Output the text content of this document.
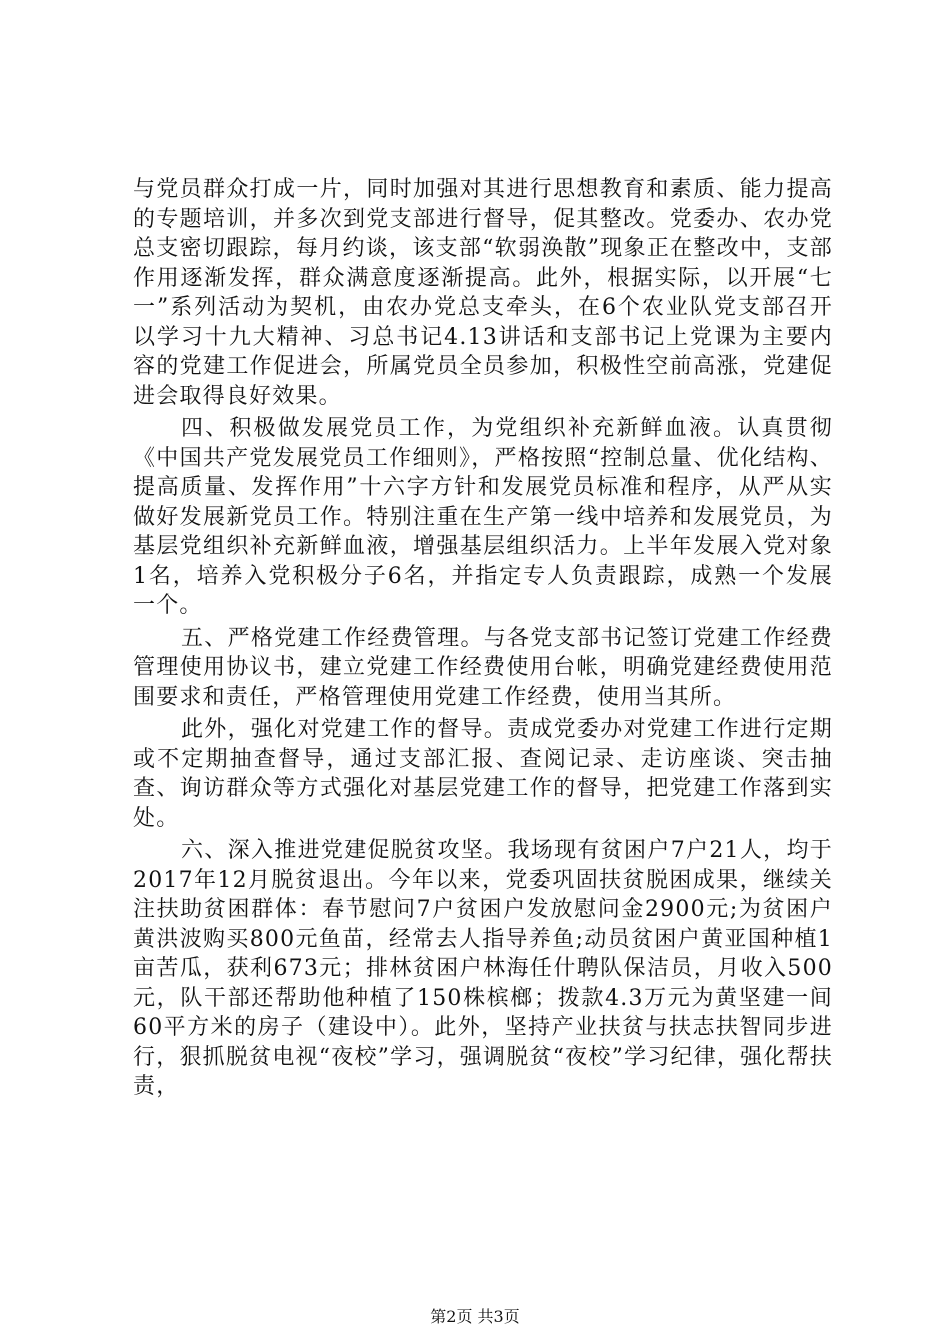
与党员群众打成一片，同时加强对其进行思想教育和素质、能力提高的专题培训，并多次到党支部进行督导，促其整改。党委办、农办党总支密切跟踪，每月约谈，该支部“软弱涣散”现象正在整改中，支部作用逐渐发挥，群众满意度逐渐提高。此外，根据实际，以开展“七一”系列活动为契机，由农办党总支牵头，在6个农业队党支部召开以学习十九大精神、习总书记4.13讲话和支部书记上党课为主要内容的党建工作促进会，所属党员全员参加，积极性空前高涨，党建促进会取得良好效果。

四、积极做发展党员工作，为党组织补充新鲜血液。认真贯彻《中国共产党发展党员工作细则》，严格按照“控制总量、优化结构、提高质量、发挥作用”十六字方针和发展党员标准和程序，从严从实做好发展新党员工作。特别注重在生产第一线中培养和发展党员，为基层党组织补充新鲜血液，增强基层组织活力。上半年发展入党对象1名，培养入党积极分子6名，并指定专人负责跟踪，成熟一个发展一个。

五、严格党建工作经费管理。与各党支部书记签订党建工作经费管理使用协议书，建立党建工作经费使用台帐，明确党建经费使用范围要求和责任，严格管理使用党建工作经费，使用当其所。

此外，强化对党建工作的督导。责成党委办对党建工作进行定期或不定期抽查督导，通过支部汇报、查阅记录、走访座谈、突击抽查、询访群众等方式强化对基层党建工作的督导，把党建工作落到实处。

六、深入推进党建促脱贫攻坚。我场现有贫困户7户21人，均于2017年12月脱贫退出。今年以来，党委巩固扶贫脱困成果，继续关注扶助贫困群体：春节慰问7户贫困户发放慰问金2900元;为贫困户黄洪波购买800元鱼苗，经常去人指导养鱼;动员贫困户黄亚国种植1亩苦瓜，获利673元；排林贫困户林海任什聘队保洁员，月收入500元，队干部还帮助他种植了150株槟榔；拨款4.3万元为黄坚建一间60平方米的房子（建设中）。此外，坚持产业扶贫与扶志扶智同步进行，狠抓脱贫电视“夜校”学习，强调脱贫“夜校”学习纪律，强化帮扶责，

第2页 共3页
